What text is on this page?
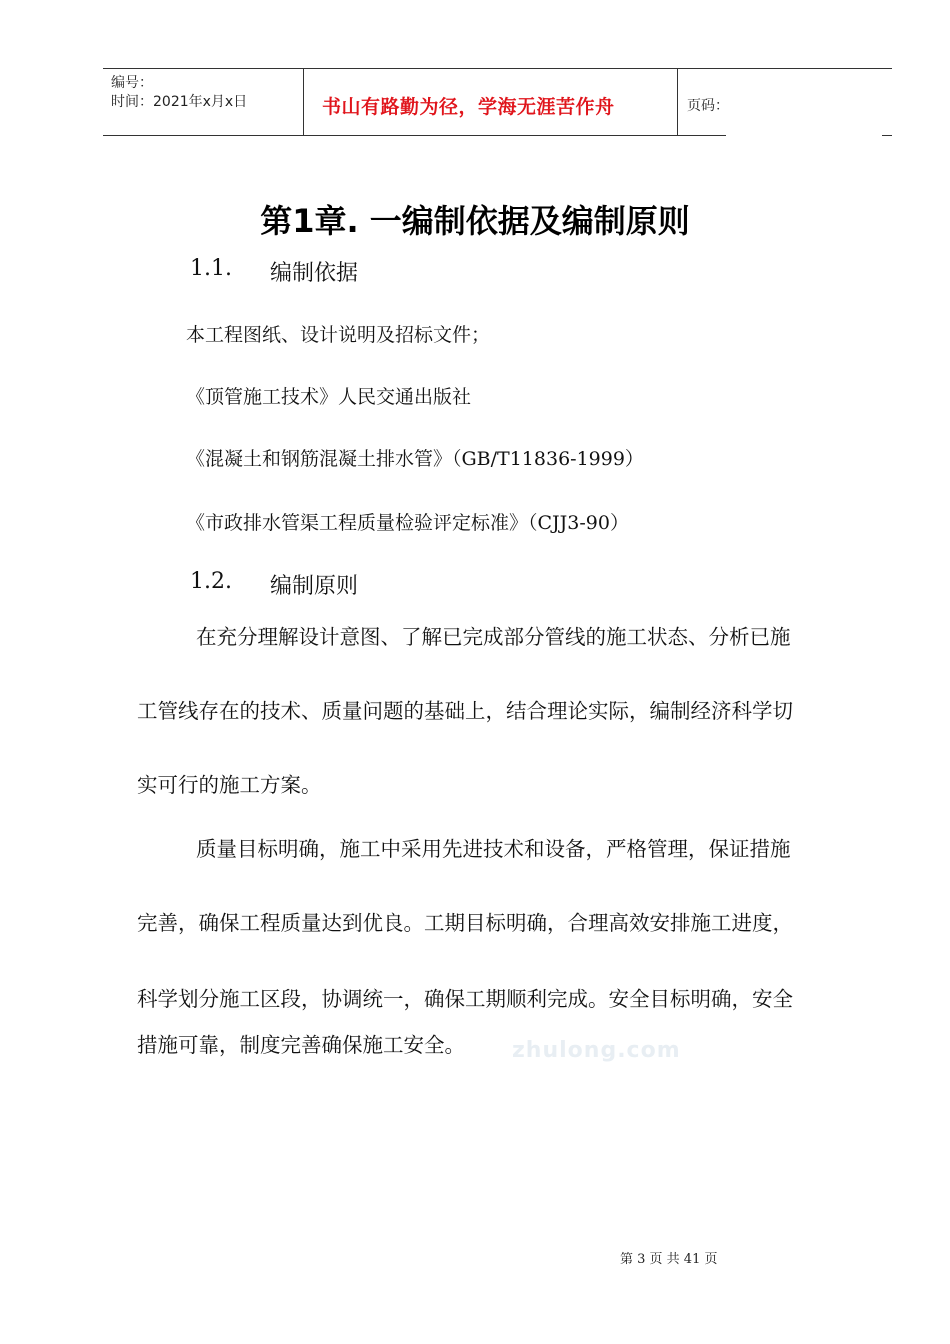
编号：
时间：2021年x月x日	书山有路勤为径，学海无涯苦作舟	页码：
第1章. 一编制依据及编制原则
1.1. 编制依据
本工程图纸、设计说明及招标文件；
《顶管施工技术》人民交通出版社
《混凝土和钢筋混凝土排水管》（GB/T11836-1999）
《市政排水管渠工程质量检验评定标准》（CJJ3-90）
1.2. 编制原则
在充分理解设计意图、了解已完成部分管线的施工状态、分析已施
工管线存在的技术、质量问题的基础上，结合理论实际，编制经济科学切
实可行的施工方案。
质量目标明确，施工中采用先进技术和设备，严格管理，保证措施
完善，确保工程质量达到优良。工期目标明确，合理高效安排施工进度，
科学划分施工区段，协调统一，确保工期顺利完成。安全目标明确，安全
措施可靠，制度完善确保施工安全。 zhulong.com
第 3 页 共 41 页
